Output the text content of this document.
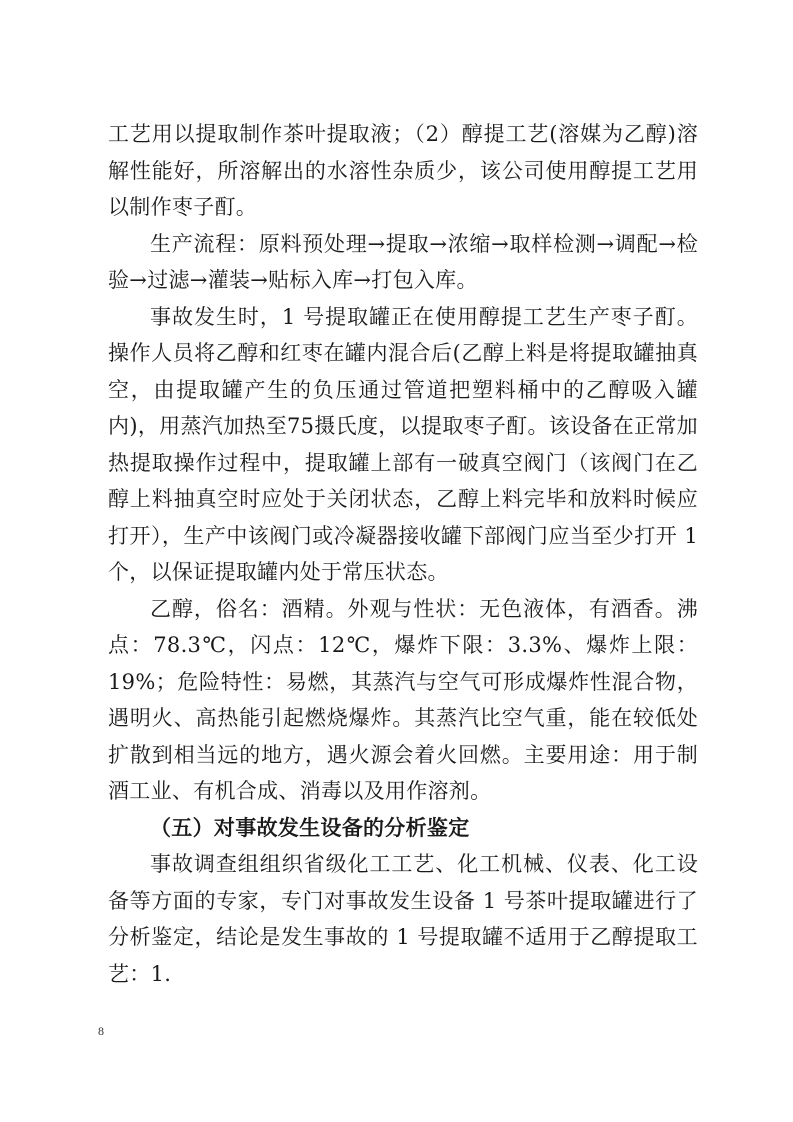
工艺用以提取制作茶叶提取液；（2）醇提工艺(溶媒为乙醇)溶解性能好，所溶解出的水溶性杂质少，该公司使用醇提工艺用以制作枣子酊。

生产流程：原料预处理→提取→浓缩→取样检测→调配→检验→过滤→灌装→贴标入库→打包入库。

事故发生时，1 号提取罐正在使用醇提工艺生产枣子酊。操作人员将乙醇和红枣在罐内混合后(乙醇上料是将提取罐抽真空，由提取罐产生的负压通过管道把塑料桶中的乙醇吸入罐内)，用蒸汽加热至75摄氏度，以提取枣子酊。该设备在正常加热提取操作过程中，提取罐上部有一破真空阀门（该阀门在乙醇上料抽真空时应处于关闭状态，乙醇上料完毕和放料时候应打开），生产中该阀门或冷凝器接收罐下部阀门应当至少打开 1 个，以保证提取罐内处于常压状态。

乙醇，俗名：酒精。外观与性状：无色液体，有酒香。沸点：78.3℃，闪点：12℃，爆炸下限：3.3%、爆炸上限：19%；危险特性：易燃，其蒸汽与空气可形成爆炸性混合物，遇明火、高热能引起燃烧爆炸。其蒸汽比空气重，能在较低处扩散到相当远的地方，遇火源会着火回燃。主要用途：用于制酒工业、有机合成、消毒以及用作溶剂。

（五）对事故发生设备的分析鉴定

事故调查组组织省级化工工艺、化工机械、仪表、化工设备等方面的专家，专门对事故发生设备 1 号茶叶提取罐进行了分析鉴定，结论是发生事故的 1 号提取罐不适用于乙醇提取工艺：1.

8
